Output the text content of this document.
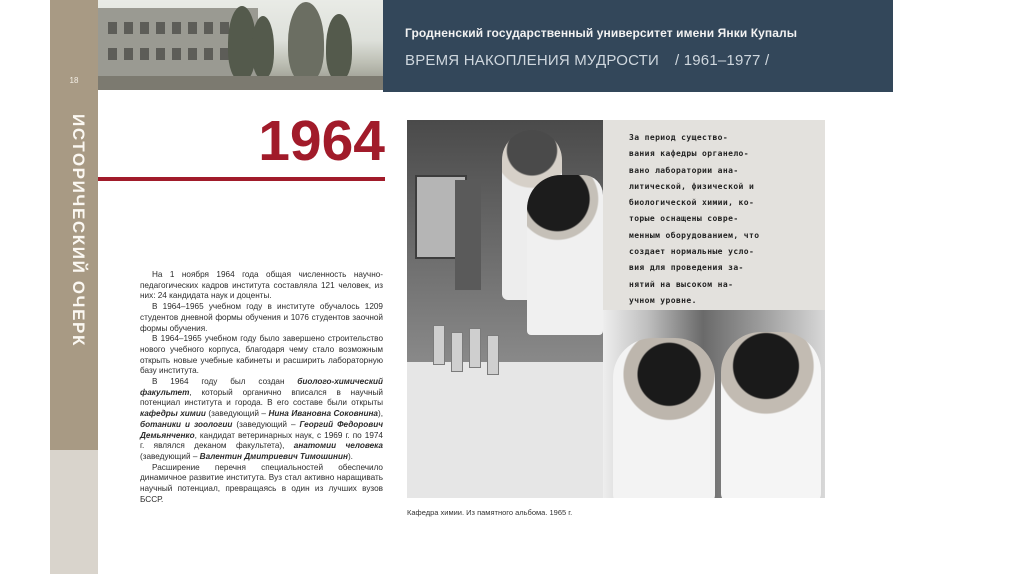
Гродненский государственный университет имени Янки Купалы
ВРЕМЯ НАКОПЛЕНИЯ МУДРОСТИ / 1961–1977 /
18
ИСТОРИЧЕСКИЙ ОЧЕРК	1964

На 1 ноября 1964 года общая численность научно-педагогических кадров института составляла 121 человек, из них: 24 кандидата наук и доценты.

В 1964–1965 учебном году в институте обучалось 1209 студентов дневной формы обучения и 1076 студентов заочной формы обучения.

В 1964–1965 учебном году было завершено строительство нового учебного корпуса, благодаря чему стало возможным открыть новые учебные кабинеты и расширить лабораторную базу института.

В 1964 году был создан биолого-химический факультет, который органично вписался в научный потенциал института и города. В его составе были открыты кафедры химии (заведующий – Нина Ивановна Соковнина), ботаники и зоологии (заведующий – Георгий Федорович Демьянченко, кандидат ветеринарных наук, с 1969 г. по 1974 г. являлся деканом факультета), анатомии человека (заведующий – Валентин Дмитриевич Тимошинин).

Расширение перечня специальностей обеспечило динамичное развитие института. Вуз стал активно наращивать научный потенциал, превращаясь в один из лучших вузов БССР.

За период существо-
вания кафедры органело-
вано лаборатории ана-
литической, физической и
биологической химии, ко-
торые оснащены совре-
менным оборудованием, что
создает нормальные усло-
вия для проведения за-
нятий на высоком на-
учном уровне.
Кафедра химии. Из памятного альбома. 1965 г.
